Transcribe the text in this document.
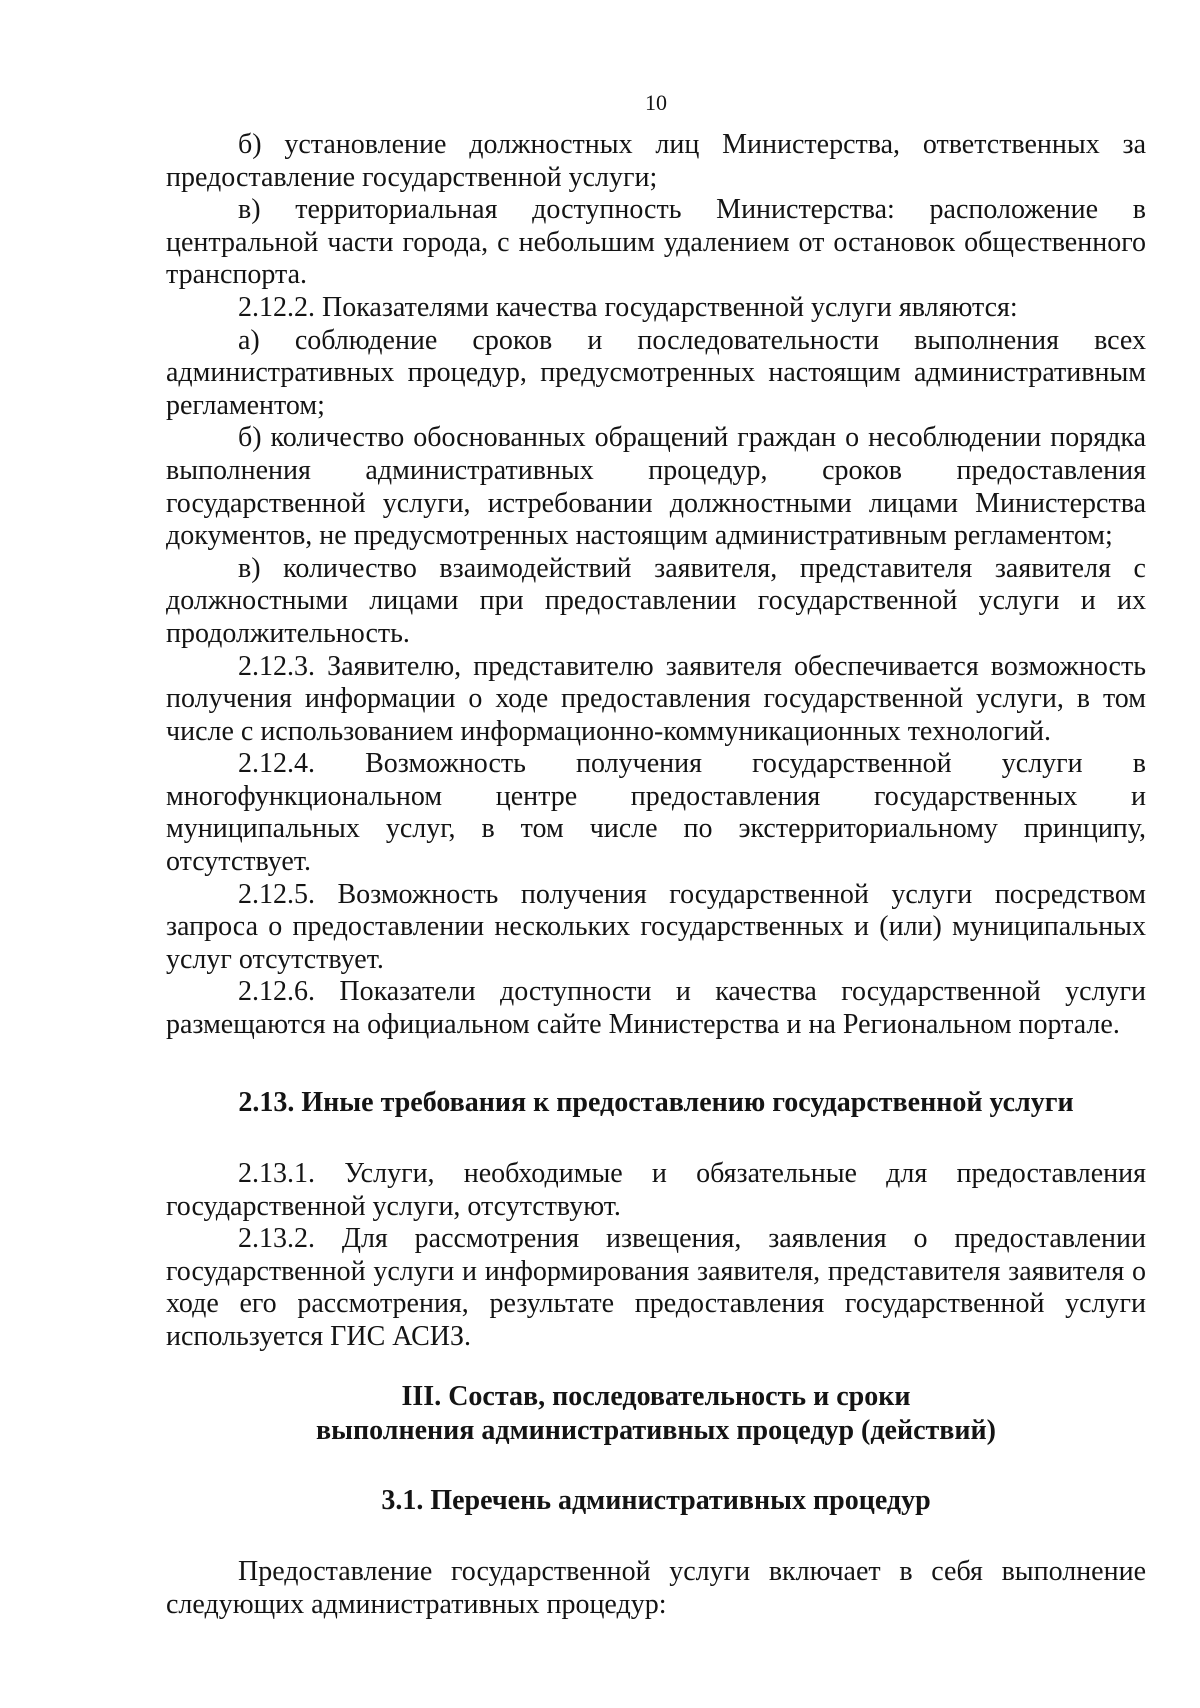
10

б) установление должностных лиц Министерства, ответственных за предоставление государственной услуги;

в) территориальная доступность Министерства: расположение в центральной части города, с небольшим удалением от остановок общественного транспорта.

2.12.2. Показателями качества государственной услуги являются:

а) соблюдение сроков и последовательности выполнения всех административных процедур, предусмотренных настоящим административным регламентом;

б) количество обоснованных обращений граждан о несоблюдении порядка выполнения административных процедур, сроков предоставления государственной услуги, истребовании должностными лицами Министерства документов, не предусмотренных настоящим административным регламентом;

в) количество взаимодействий заявителя, представителя заявителя с должностными лицами при предоставлении государственной услуги и их продолжительность.

2.12.3. Заявителю, представителю заявителя обеспечивается возможность получения информации о ходе предоставления государственной услуги, в том числе с использованием информационно-коммуникационных технологий.

2.12.4. Возможность получения государственной услуги в многофункциональном центре предоставления государственных и муниципальных услуг, в том числе по экстерриториальному принципу, отсутствует.

2.12.5. Возможность получения государственной услуги посредством запроса о предоставлении нескольких государственных и (или) муниципальных услуг отсутствует.

2.12.6. Показатели доступности и качества государственной услуги размещаются на официальном сайте Министерства и на Региональном портале.

2.13. Иные требования к предоставлению государственной услуги

2.13.1. Услуги, необходимые и обязательные для предоставления государственной услуги, отсутствуют.

2.13.2. Для рассмотрения извещения, заявления о предоставлении государственной услуги и информирования заявителя, представителя заявителя о ходе его рассмотрения, результате предоставления государственной услуги используется ГИС АСИЗ.

III. Состав, последовательность и сроки
выполнения административных процедур (действий)
3.1. Перечень административных процедур

Предоставление государственной услуги включает в себя выполнение следующих административных процедур:
